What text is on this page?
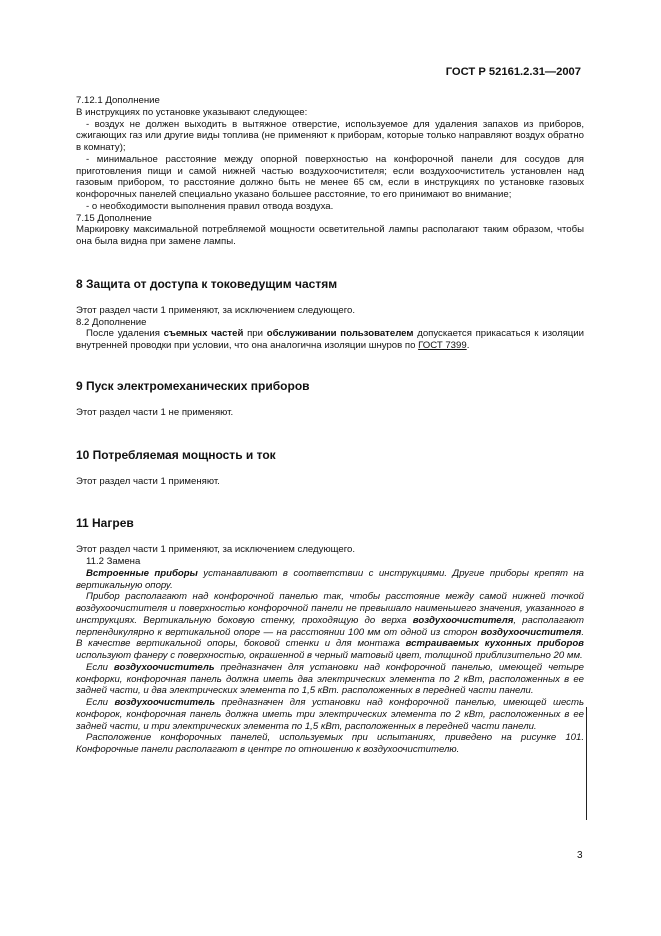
ГОСТ Р 52161.2.31—2007

7.12.1 Дополнение

В инструкциях по установке указывают следующее:

- воздух не должен выходить в вытяжное отверстие, используемое для удаления запахов из приборов, сжигающих газ или другие виды топлива (не применяют к приборам, которые только направляют воздух обратно в комнату);

- минимальное расстояние между опорной поверхностью на конфорочной панели для сосудов для приготовления пищи и самой нижней частью воздухоочистителя; если воздухоочиститель установлен над газовым прибором, то расстояние должно быть не менее 65 см, если в инструкциях по установке газовых конфорочных панелей специально указано большее расстояние, то его принимают во внимание;

- о необходимости выполнения правил отвода воздуха.

7.15 Дополнение

Маркировку максимальной потребляемой мощности осветительной лампы располагают таким образом, чтобы она была видна при замене лампы.

8 Защита от доступа к токоведущим частям

Этот раздел части 1 применяют, за исключением следующего.

8.2 Дополнение

После удаления съемных частей при обслуживании пользователем допускается прикасаться к изоляции внутренней проводки при условии, что она аналогична изоляции шнуров по ГОСТ 7399.

9 Пуск электромеханических приборов

Этот раздел части 1 не применяют.

10 Потребляемая мощность и ток

Этот раздел части 1 применяют.

11 Нагрев

Этот раздел части 1 применяют, за исключением следующего.

11.2 Замена

Встроенные приборы устанавливают в соответствии с инструкциями. Другие приборы крепят на вертикальную опору.

Прибор располагают над конфорочной панелью так, чтобы расстояние между самой нижней точкой воздухоочистителя и поверхностью конфорочной панели не превышало наименьшего значения, указанного в инструкциях. Вертикальную боковую стенку, проходящую до верха воздухоочистителя, располагают перпендикулярно к вертикальной опоре — на расстоянии 100 мм от одной из сторон воздухоочистителя. В качестве вертикальной опоры, боковой стенки и для монтажа встраиваемых кухонных приборов используют фанеру с поверхностью, окрашенной в черный матовый цвет, толщиной приблизительно 20 мм.

Если воздухоочиститель предназначен для установки над конфорочной панелью, имеющей четыре конфорки, конфорочная панель должна иметь два электрических элемента по 2 кВт, расположенных в ее задней части, и два электрических элемента по 1,5 кВт. расположенных в передней части панели.

Если воздухоочиститель предназначен для установки над конфорочной панелью, имеющей шесть конфорок, конфорочная панель должна иметь три электрических элемента по 2 кВт, расположенных в ее задней части, и три электрических элемента по 1,5 кВт, расположенных в передней части панели.

Расположение конфорочных панелей, используемых при испытаниях, приведено на рисунке 101. Конфорочные панели располагают в центре по отношению к воздухоочистителю.

3
